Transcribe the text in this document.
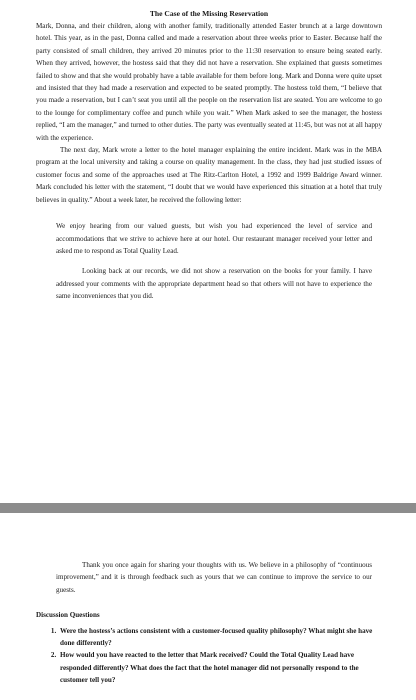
The Case of the Missing Reservation

Mark, Donna, and their children, along with another family, traditionally attended Easter brunch at a large downtown hotel. This year, as in the past, Donna called and made a reservation about three weeks prior to Easter. Because half the party consisted of small children, they arrived 20 minutes prior to the 11:30 reservation to ensure being seated early. When they arrived, however, the hostess said that they did not have a reservation. She explained that guests sometimes failed to show and that she would probably have a table available for them before long. Mark and Donna were quite upset and insisted that they had made a reservation and expected to be seated promptly. The hostess told them, “I believe that you made a reservation, but I can’t seat you until all the people on the reservation list are seated. You are welcome to go to the lounge for complimentary coffee and punch while you wait.” When Mark asked to see the manager, the hostess replied, “I am the manager,” and turned to other duties. The party was eventually seated at 11:45, but was not at all happy with the experience.

The next day, Mark wrote a letter to the hotel manager explaining the entire incident. Mark was in the MBA program at the local university and taking a course on quality management. In the class, they had just studied issues of customer focus and some of the approaches used at The Ritz-Carlton Hotel, a 1992 and 1999 Baldrige Award winner. Mark concluded his letter with the statement, “I doubt that we would have experienced this situation at a hotel that truly believes in quality.” About a week later, he received the following letter:

We enjoy hearing from our valued guests, but wish you had experienced the level of service and accommodations that we strive to achieve here at our hotel. Our restaurant manager received your letter and asked me to respond as Total Quality Lead.

Looking back at our records, we did not show a reservation on the books for your family. I have addressed your comments with the appropriate department head so that others will not have to experience the same inconveniences that you did.

Thank you once again for sharing your thoughts with us. We believe in a philosophy of “continuous improvement,” and it is through feedback such as yours that we can continue to improve the service to our guests.

Discussion Questions
1. Were the hostess’s actions consistent with a customer-focused quality philosophy? What might she have done differently?
2. How would you have reacted to the letter that Mark received? Could the Total Quality Lead have responded differently? What does the fact that the hotel manager did not personally respond to the customer tell you?
